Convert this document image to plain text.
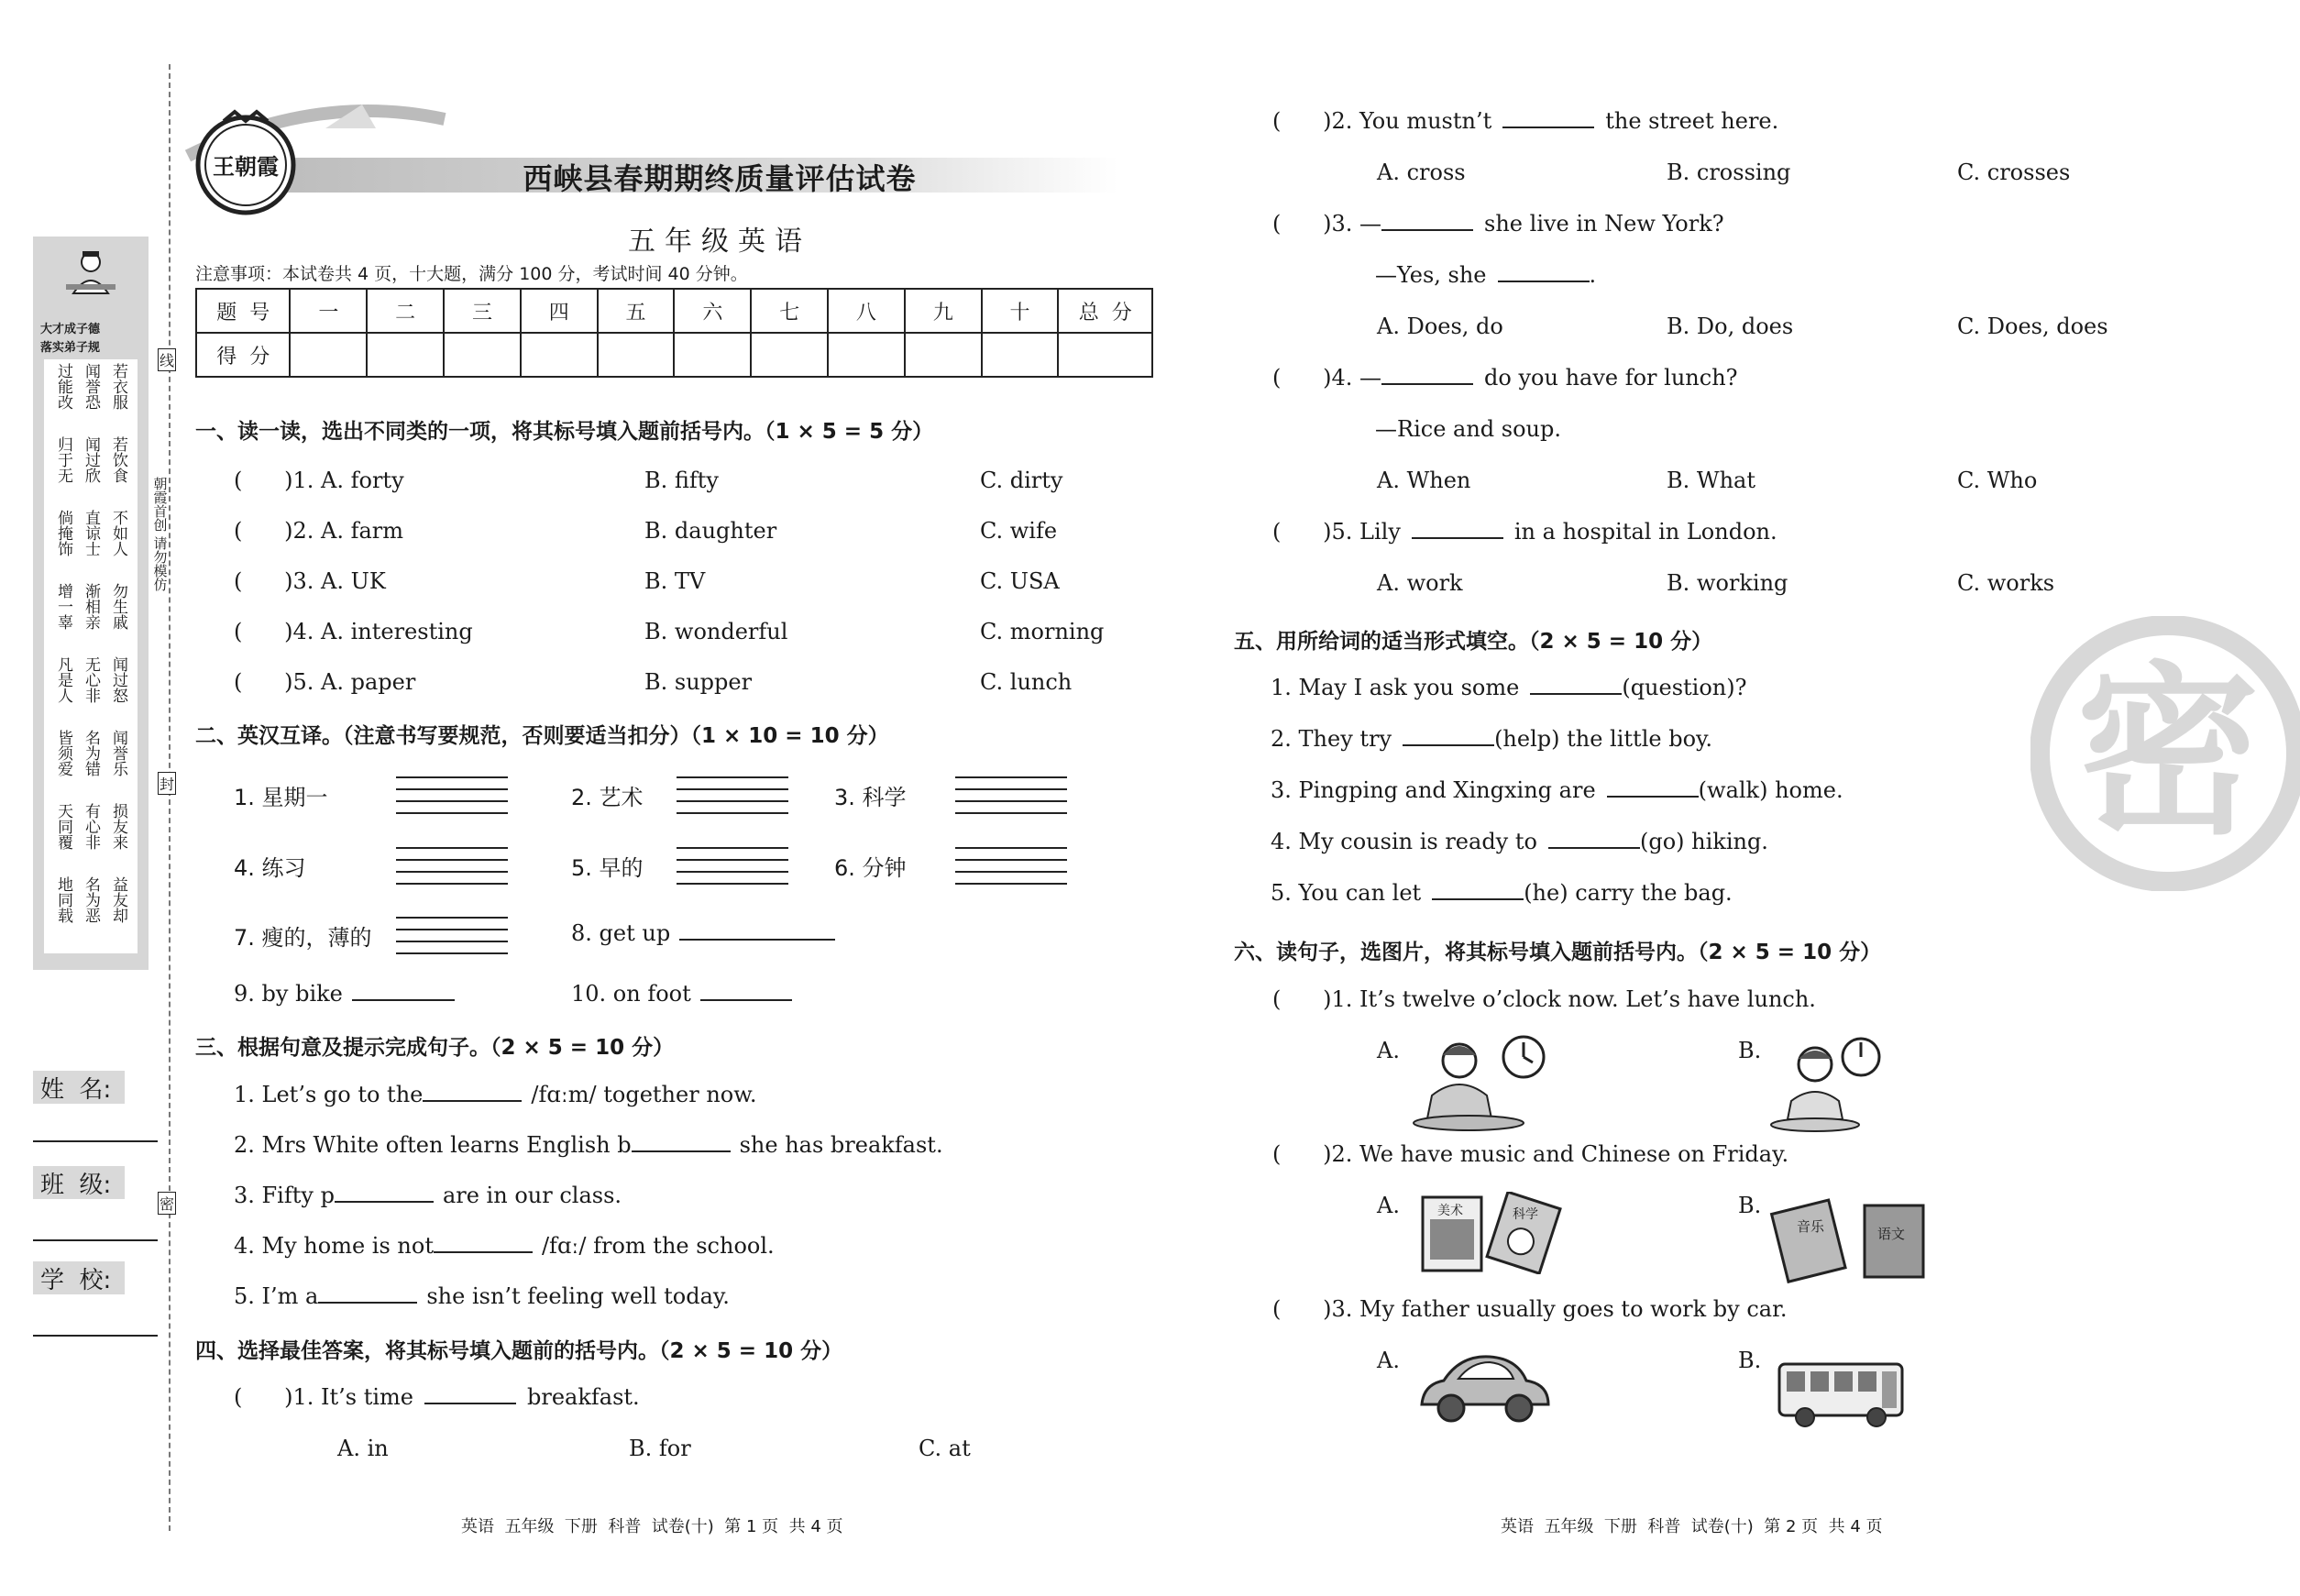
大才成子德
落实弟子规
过能改 闻誉恐 若衣服
归于无 闻过欣 若饮食
倘掩饰 直谅士 不如人
增一辜 渐相亲 勿生戚
凡是人 无心非 闻过怒
皆须爱 名为错 闻誉乐
天同覆 有心非 损友来
地同载 名为恶 益友却
朝霞首创 请勿模仿
线
封
密
姓  名:
班  级:
学  校:
王朝霞	西峡县春期期终质量评估试卷
五年级英语
注意事项：本试卷共 4 页，十大题，满分 100 分，考试时间 40 分钟。
题  号	一	二	三	四	五	六	七	八	九	十	总  分
得  分											
一、读一读，选出不同类的一项，将其标号填入题前括号内。（1 × 5 = 5 分）
(      )1. A. forty	B. fifty	C. dirty
(      )2. A. farm	B. daughter	C. wife
(      )3. A. UK	B. TV	C. USA
(      )4. A. interesting	B. wonderful	C. morning
(      )5. A. paper	B. supper	C. lunch
二、英汉互译。（注意书写要规范，否则要适当扣分）（1 × 10 = 10 分）
1. 星期一	2. 艺术	3. 科学
4. 练习	5. 早的	6. 分钟
7. 瘦的，薄的	8. get up
9. by bike	10. on foot
三、根据句意及提示完成句子。（2 × 5 = 10 分）
1. Let’s go to the	/fɑːm/ together now.
2. Mrs White often learns English b	she has breakfast.
3. Fifty p	are in our class.
4. My home is not	/fɑː/ from the school.
5. I’m a	she isn’t feeling well today.
四、选择最佳答案，将其标号填入题前的括号内。（2 × 5 = 10 分）
(      )1. It’s time	breakfast.
A. in	B. for	C. at
(      )2. You mustn’t	the street here.
A. cross	B. crossing	C. crosses
(      )3. —	she live in New York?
—Yes, she	.
A. Does, do	B. Do, does	C. Does, does
(      )4. —	do you have for lunch?
—Rice and soup.
A. When	B. What	C. Who
(      )5. Lily	in a hospital in London.
A. work	B. working	C. works
五、用所给词的适当形式填空。（2 × 5 = 10 分）
1. May I ask you some	(question)?
2. They try	(help) the little boy.
3. Pingping and Xingxing are	(walk) home.
4. My cousin is ready to	(go) hiking.
5. You can let	(he) carry the bag.
六、读句子，选图片，将其标号填入题前括号内。（2 × 5 = 10 分）
(      )1. It’s twelve o’clock now. Let’s have lunch.
A.	B.
(      )2. We have music and Chinese on Friday.
A.	B.
(      )3. My father usually goes to work by car.
A.	B.
美术	科学
音乐	语文
密
英语  五年级  下册  科普  试卷(十)  第 1 页  共 4 页	英语  五年级  下册  科普  试卷(十)  第 2 页  共 4 页
